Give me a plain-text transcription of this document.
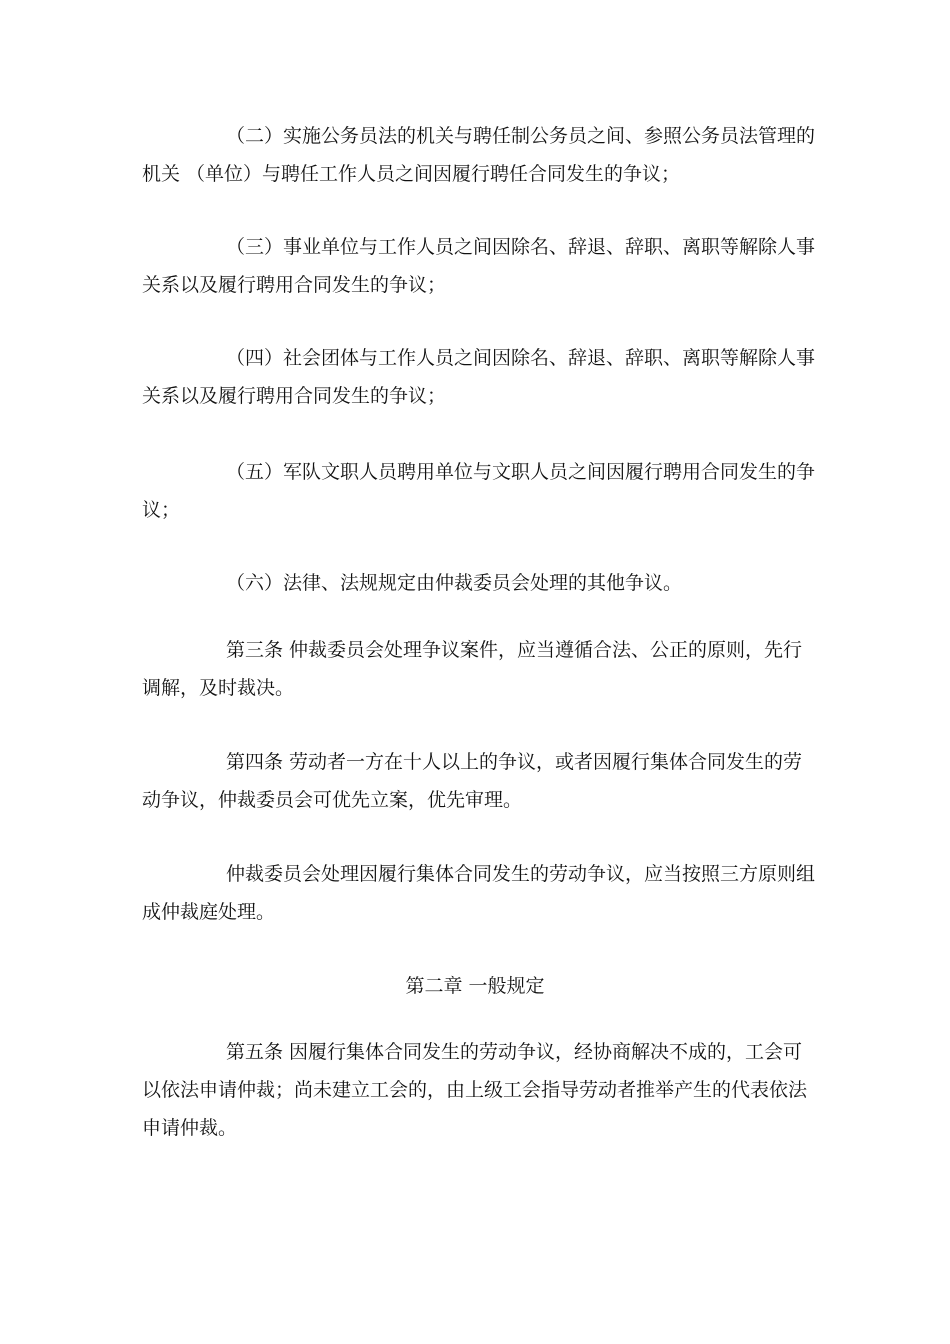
（二）实施公务员法的机关与聘任制公务员之间、参照公务员法管理的
机关 （单位）与聘任工作人员之间因履行聘任合同发生的争议；

（三）事业单位与工作人员之间因除名、辞退、辞职、离职等解除人事
关系以及履行聘用合同发生的争议；

（四）社会团体与工作人员之间因除名、辞退、辞职、离职等解除人事
关系以及履行聘用合同发生的争议；

（五）军队文职人员聘用单位与文职人员之间因履行聘用合同发生的争
议；

（六）法律、法规规定由仲裁委员会处理的其他争议。

第三条 仲裁委员会处理争议案件，应当遵循合法、公正的原则，先行
调解，及时裁决。

第四条 劳动者一方在十人以上的争议，或者因履行集体合同发生的劳
动争议，仲裁委员会可优先立案，优先审理。

仲裁委员会处理因履行集体合同发生的劳动争议，应当按照三方原则组
成仲裁庭处理。

第二章 一般规定

第五条 因履行集体合同发生的劳动争议，经协商解决不成的，工会可
以依法申请仲裁；尚未建立工会的，由上级工会指导劳动者推举产生的代表依法
申请仲裁。
